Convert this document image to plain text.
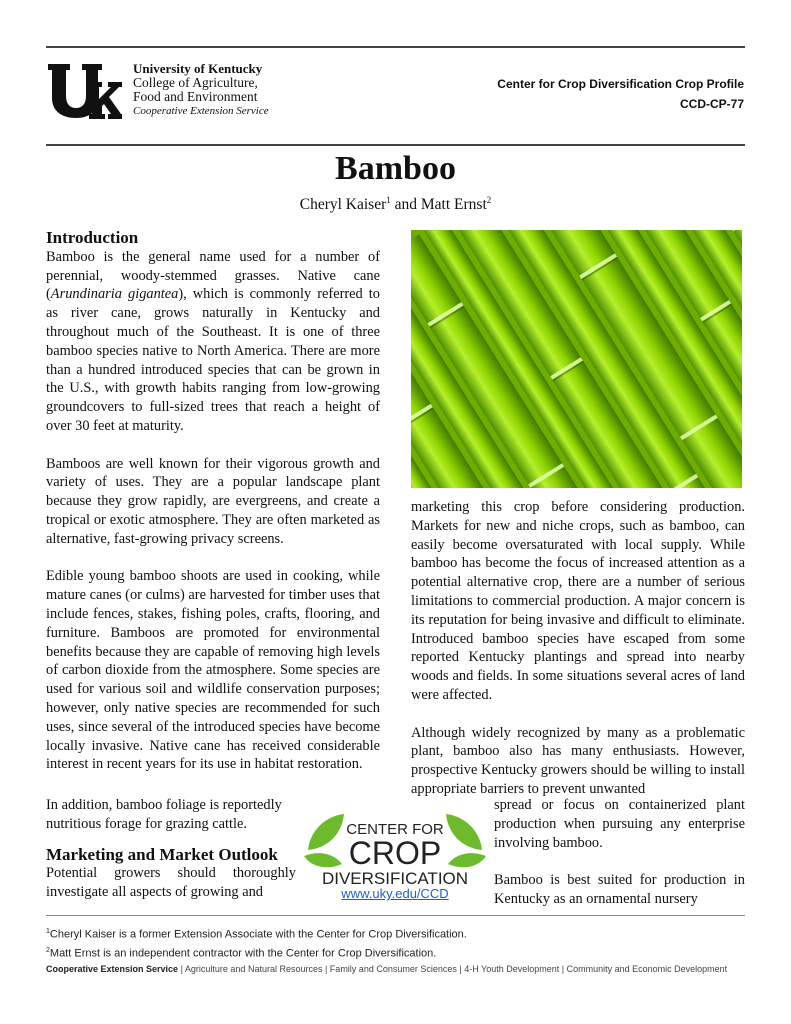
University of Kentucky
College of Agriculture,
Food and Environment
Cooperative Extension Service
Center for Crop Diversification Crop Profile
CCD-CP-77
Bamboo
Cheryl Kaiser$^1$ and Matt Ernst$^2$
Introduction

Bamboo is the general name used for a number of perennial, woody-stemmed grasses. Native cane (Arundinaria gigantea), which is commonly referred to as river cane, grows naturally in Kentucky and throughout much of the Southeast. It is one of three bamboo species native to North America. There are more than a hundred introduced species that can be grown in the U.S., with growth habits ranging from low-growing groundcovers to full-sized trees that reach a height of over 30 feet at maturity.

Bamboos are well known for their vigorous growth and variety of uses. They are a popular landscape plant because they grow rapidly, are evergreens, and create a tropical or exotic atmosphere. They are often marketed as alternative, fast-growing privacy screens.

Edible young bamboo shoots are used in cooking, while mature canes (or culms) are harvested for timber uses that include fences, stakes, fishing poles, crafts, flooring, and furniture. Bamboos are promoted for environmental benefits because they are capable of removing high levels of carbon dioxide from the atmosphere. Some species are used for various soil and wildlife conservation purposes; however, only native species are recommended for such uses, since several of the introduced species have become locally invasive. Native cane has received considerable interest in recent years for its use in habitat restoration.

marketing this crop before considering production. Markets for new and niche crops, such as bamboo, can easily become oversaturated with local supply. While bamboo has become the focus of increased attention as a potential alternative crop, there are a number of serious limitations to commercial production. A major concern is its reputation for being invasive and difficult to eliminate. Introduced bamboo species have escaped from some reported Kentucky plantings and spread into nearby woods and fields. In some situations several acres of land were affected.

Although widely recognized by many as a problematic plant, bamboo also has many enthusiasts. However, prospective Kentucky growers should be willing to install appropriate barriers to prevent unwanted

In addition, bamboo foliage is reportedly nutritious forage for grazing cattle.
Marketing and Market Outlook
Potential growers should thoroughly investigate all aspects of growing and
CENTER FOR
CROP
DIVERSIFICATION
www.uky.edu/CCD
spread or focus on containerized plant production when pursuing any enterprise involving bamboo.
Bamboo is best suited for production in Kentucky as an ornamental nursery
$^1$Cheryl Kaiser is a former Extension Associate with the Center for Crop Diversification.
$^2$Matt Ernst is an independent contractor with the Center for Crop Diversification.
Cooperative Extension Service | Agriculture and Natural Resources | Family and Consumer Sciences | 4-H Youth Development | Community and Economic Development
